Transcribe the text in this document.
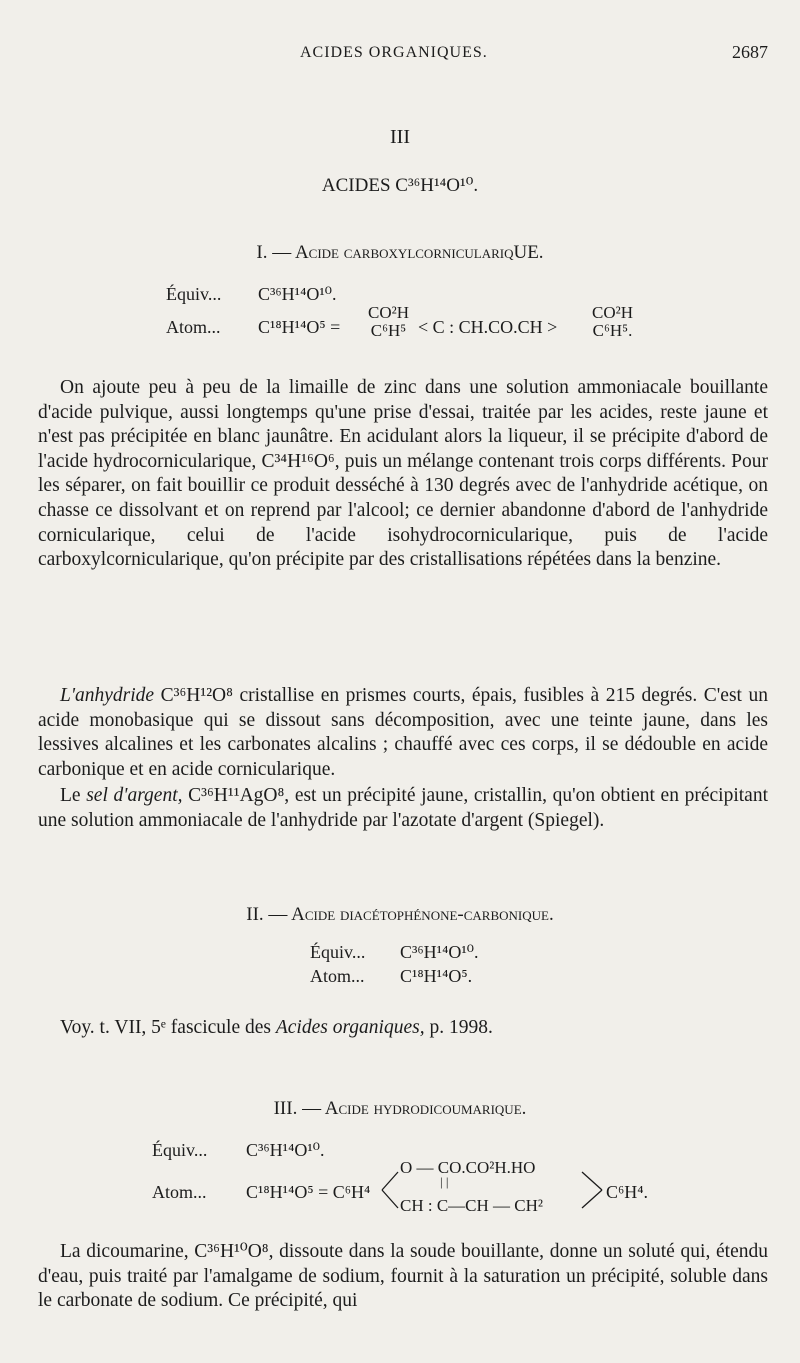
ACIDES ORGANIQUES.	2687
III
ACIDES C³⁶H¹⁴O¹⁰.
I. — Acide carboxylcorniculariqUE.
Équiv... C³⁶H¹⁴O¹⁰.
Atom... C¹⁸H¹⁴O⁵ =
CO²H
C⁶H⁵ < C : CH.CO.CH >
CO²H
C⁶H⁵.

On ajoute peu à peu de la limaille de zinc dans une solution ammoniacale bouillante d'acide pulvique, aussi longtemps qu'une prise d'essai, traitée par les acides, reste jaune et n'est pas précipitée en blanc jaunâtre. En acidulant alors la liqueur, il se précipite d'abord de l'acide hydrocornicularique, C³⁴H¹⁶O⁶, puis un mélange contenant trois corps différents. Pour les séparer, on fait bouillir ce produit desséché à 130 degrés avec de l'anhydride acétique, on chasse ce dissolvant et on reprend par l'alcool; ce dernier abandonne d'abord de l'anhydride cornicularique, celui de l'acide isohydrocornicularique, puis de l'acide carboxylcornicularique, qu'on précipite par des cristallisations répétées dans la benzine.

L'anhydride C³⁶H¹²O⁸ cristallise en prismes courts, épais, fusibles à 215 degrés. C'est un acide monobasique qui se dissout sans décomposition, avec une teinte jaune, dans les lessives alcalines et les carbonates alcalins ; chauffé avec ces corps, il se dédouble en acide carbonique et en acide cornicularique.

Le sel d'argent, C³⁶H¹¹AgO⁸, est un précipité jaune, cristallin, qu'on obtient en précipitant une solution ammoniacale de l'anhydride par l'azotate d'argent (Spiegel).

II. — Acide diacétophénone-carbonique.
Équiv... C³⁶H¹⁴O¹⁰.
Atom... C¹⁸H¹⁴O⁵.

Voy. t. VII, 5ᵉ fascicule des Acides organiques, p. 1998.

III. — Acide hydrodicoumarique.
Équiv... C³⁶H¹⁴O¹⁰.
Atom... C¹⁸H¹⁴O⁵ = C⁶H⁴
O — CO.CO²H.HO
| |
CH : C—CH — CH²
C⁶H⁴.

La dicoumarine, C³⁶H¹⁰O⁸, dissoute dans la soude bouillante, donne un soluté qui, étendu d'eau, puis traité par l'amalgame de sodium, fournit à la saturation un précipité, soluble dans le carbonate de sodium. Ce précipité, qui
